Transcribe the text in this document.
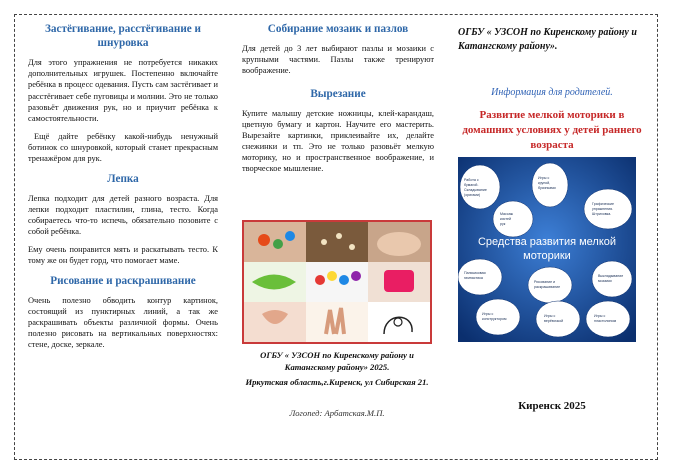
Застёгивание, расстёгивание и шнуровка

Для этого упражнения не потребуется никаких дополнительных игрушек. Постепенно включайте ребёнка в процесс одевания. Пусть сам застёгивает и расстёгивает себе пуговицы и молнии. Это не только разовьёт движения рук, но и приучит ребёнка к самостоятельности.

Ещё дайте ребёнку какой-нибудь ненужный ботинок со шнуровкой, который станет прекрасным тренажёром для рук.

Лепка

Лепка подходит для детей разного возраста. Для лепки подходит пластилин, глина, тесто. Когда собираетесь что-то испечь, обязательно позовите с собой ребёнка.

Ему очень понравится мять и раскатывать тесто. К тому же он будет горд, что помогает маме.

Рисование и раскрашивание

Очень полезно обводить контур картинок, состоящий из пунктирных линий, а так же раскрашивать объекты различной формы. Очень полезно рисовать на вертикальных поверхностях: стене, доске, зеркале.

Собирание мозаик и пазлов

Для детей до 3 лет выбирают пазлы и мозаики с крупными частями. Пазлы также тренируют воображение.

Вырезание

Купите малышу детские ножницы, клей-карандаш, цветную бумагу и картон. Научите его мастерить. Вырезайте картинки, приклеивайте их, делайте снежинки и тп. Это не только разовьёт мелкую моторику, но и пространственное воображение, и творческое мышление.

ОГБУ « УЗСОН по Киренскому району и Катангскому району» 2025.
Иркутская область,г.Киренск, ул Сибирская 21.
Логопед: Арбатская.М.П.
ОГБУ « УЗСОН по Киренскому району и Катангскому району».
Информация для родителей.
Развитие мелкой моторики в домашних условиях у детей раннего возраста
Работа с
бумагой.
Складывание
(оригами)
Игры с
крупой,
бусинками
Массаж
кистей
рук
Графические
упражнения.
Штриховка.
Пальчиковая
гимнастика
Рисование и
раскрашивание
Выкладывание
мозаики
Игры с
конструктором
Игры с
верёвочкой
Игры с
пластилином
Средства развития мелкой
моторики
Киренск 2025
